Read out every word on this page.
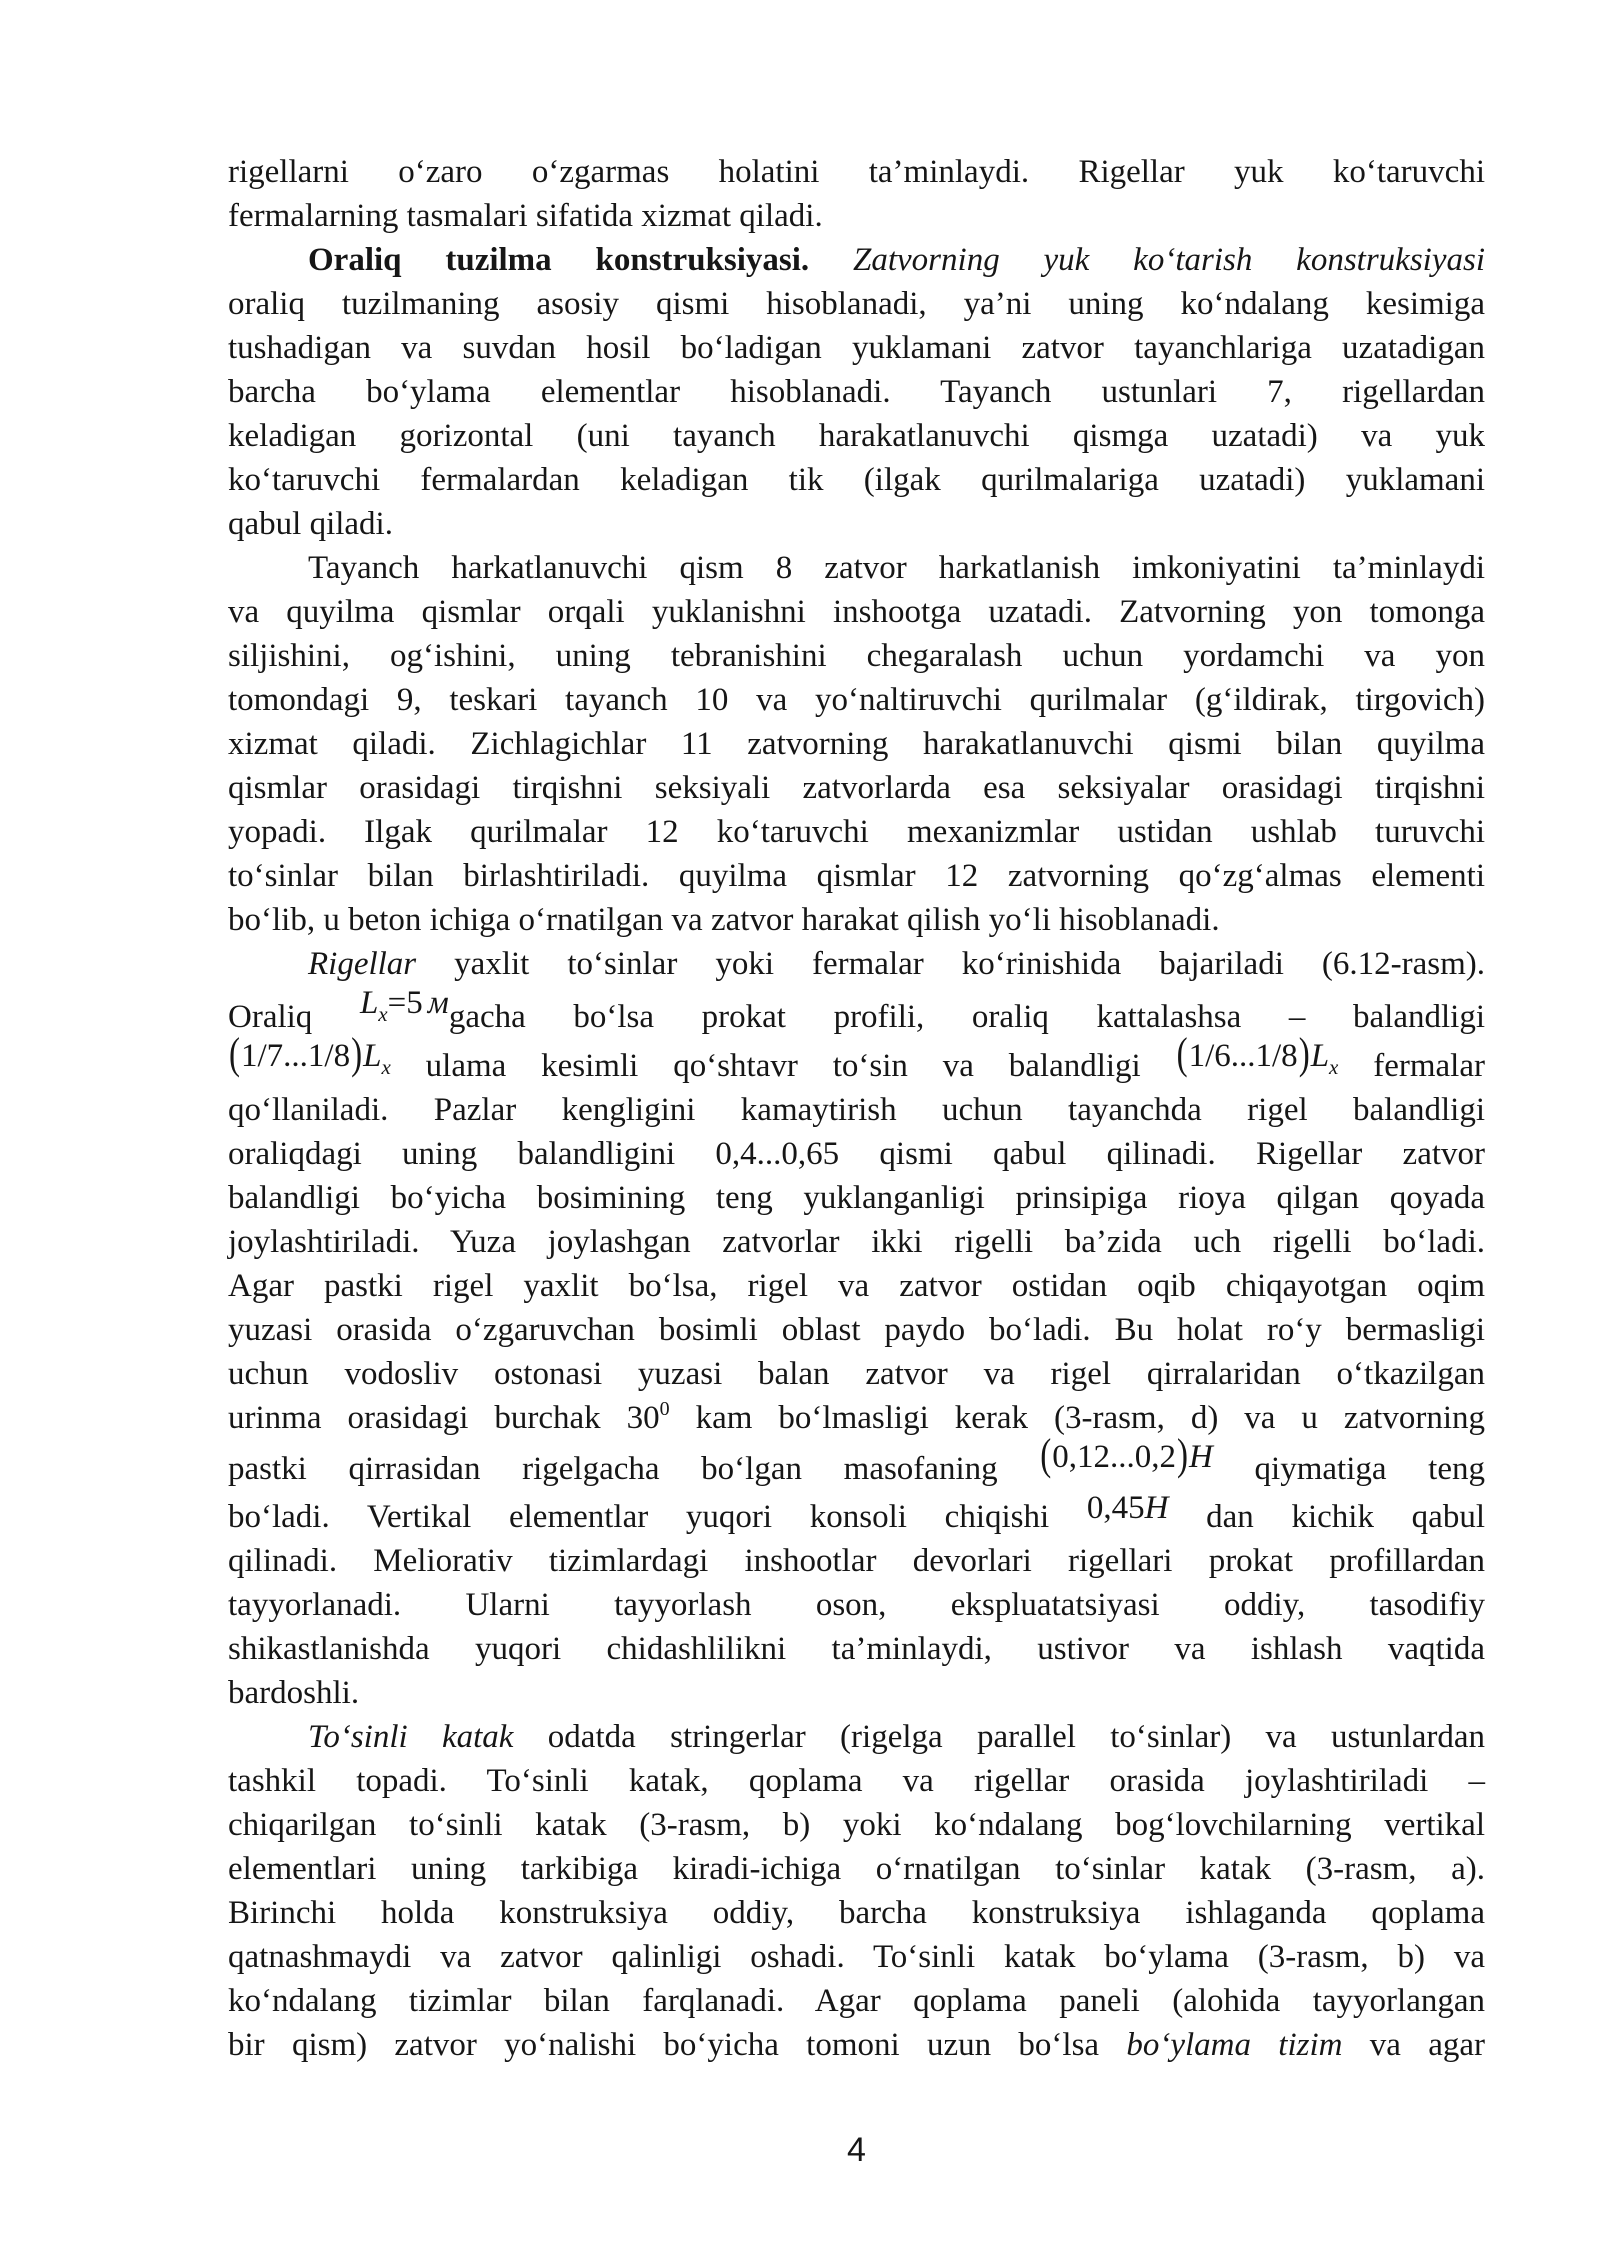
rigellarni o‘zaro o‘zgarmas holatini ta’minlaydi. Rigellar yuk ko‘taruvchi
fermalarning tasmalari sifatida xizmat qiladi.
Oraliq tuzilma konstruksiyasi. Zatvorning yuk ko‘tarish konstruksiyasi
oraliq tuzilmaning asosiy qismi hisoblanadi, ya’ni uning ko‘ndalang kesimiga
tushadigan va suvdan hosil bo‘ladigan yuklamani zatvor tayanchlariga uzatadigan
barcha bo‘ylama elementlar hisoblanadi. Tayanch ustunlari 7, rigellardan
keladigan gorizontal (uni tayanch harakatlanuvchi qismga uzatadi) va yuk
ko‘taruvchi fermalardan keladigan tik (ilgak qurilmalariga uzatadi) yuklamani
qabul qiladi.
Tayanch harkatlanuvchi qism 8 zatvor harkatlanish imkoniyatini ta’minlaydi
va quyilma qismlar orqali yuklanishni inshootga uzatadi. Zatvorning yon tomonga
siljishini, og‘ishini, uning tebranishini chegaralash uchun yordamchi va yon
tomondagi 9, teskari tayanch 10 va yo‘naltiruvchi qurilmalar (g‘ildirak, tirgovich)
xizmat qiladi. Zichlagichlar 11 zatvorning harakatlanuvchi qismi bilan quyilma
qismlar orasidagi tirqishni seksiyali zatvorlarda esa seksiyalar orasidagi tirqishni
yopadi. Ilgak qurilmalar 12 ko‘taruvchi mexanizmlar ustidan ushlab turuvchi
to‘sinlar bilan birlashtiriladi. quyilma qismlar 12 zatvorning qo‘zg‘almas elementi
bo‘lib, u beton ichiga o‘rnatilgan va zatvor harakat qilish yo‘li hisoblanadi.
Rigellar yaxlit to‘sinlar yoki fermalar ko‘rinishida bajariladi (6.12-rasm).
Oraliq $L_x=5$ мgacha bo‘lsa prokat profili, oraliq kattalashsa – balandligi
$(1/7...1/8)L_x$ ulama kesimli qo‘shtavr to‘sin va balandligi $(1/6...1/8)L_x$ fermalar
qo‘llaniladi. Pazlar kengligini kamaytirish uchun tayanchda rigel balandligi
oraliqdagi uning balandligini 0,4...0,65 qismi qabul qilinadi. Rigellar zatvor
balandligi bo‘yicha bosimining teng yuklanganligi prinsipiga rioya qilgan qoyada
joylashtiriladi. Yuza joylashgan zatvorlar ikki rigelli ba’zida uch rigelli bo‘ladi.
Agar pastki rigel yaxlit bo‘lsa, rigel va zatvor ostidan oqib chiqayotgan oqim
yuzasi orasida o‘zgaruvchan bosimli oblast paydo bo‘ladi. Bu holat ro‘y bermasligi
uchun vodosliv ostonasi yuzasi balan zatvor va rigel qirralaridan o‘tkazilgan
urinma orasidagi burchak $30^0$ kam bo‘lmasligi kerak (3-rasm, d) va u zatvorning
pastki qirrasidan rigelgacha bo‘lgan masofaning (0,12...0,2)H qiymatiga teng
bo‘ladi. Vertikal elementlar yuqori konsoli chiqishi 0,45H dan kichik qabul
qilinadi. Meliorativ tizimlardagi inshootlar devorlari rigellari prokat profillardan
tayyorlanadi. Ularni tayyorlash oson, ekspluatatsiyasi oddiy, tasodifiy
shikastlanishda yuqori chidashlilikni ta’minlaydi, ustivor va ishlash vaqtida
bardoshli.
To‘sinli katak odatda stringerlar (rigelga parallel to‘sinlar) va ustunlardan
tashkil topadi. To‘sinli katak, qoplama va rigellar orasida joylashtiriladi –
chiqarilgan to‘sinli katak (3-rasm, b) yoki ko‘ndalang bog‘lovchilarning vertikal
elementlari uning tarkibiga kiradi-ichiga o‘rnatilgan to‘sinlar katak (3-rasm, a).
Birinchi holda konstruksiya oddiy, barcha konstruksiya ishlaganda qoplama
qatnashmaydi va zatvor qalinligi oshadi. To‘sinli katak bo‘ylama (3-rasm, b) va
ko‘ndalang tizimlar bilan farqlanadi. Agar qoplama paneli (alohida tayyorlangan
bir qism) zatvor yo‘nalishi bo‘yicha tomoni uzun bo‘lsa bo‘ylama tizim va agar
4
